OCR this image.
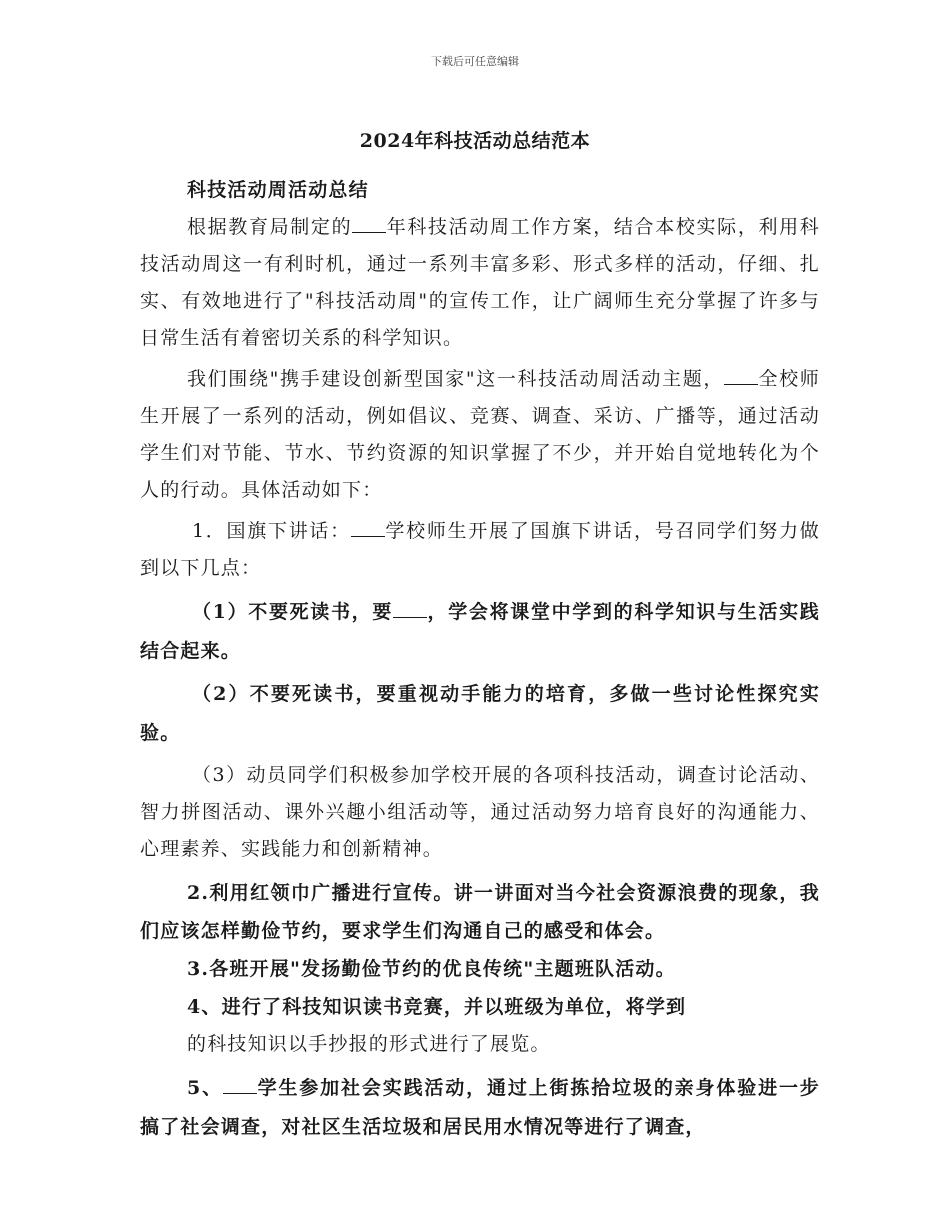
下载后可任意编辑
2024年科技活动总结范本

科技活动周活动总结

根据教育局制定的 年科技活动周工作方案，结合本校实际，利用科技活动周这一有利时机，通过一系列丰富多彩、形式多样的活动，仔细、扎实、有效地进行了"科技活动周"的宣传工作，让广阔师生充分掌握了许多与日常生活有着密切关系的科学知识。

我们围绕"携手建设创新型国家"这一科技活动周活动主题， 全校师生开展了一系列的活动，例如倡议、竞赛、调查、采访、广播等，通过活动学生们对节能、节水、节约资源的知识掌握了不少，并开始自觉地转化为个人的行动。具体活动如下：

1．国旗下讲话： 学校师生开展了国旗下讲话，号召同学们努力做到以下几点：

（1）不要死读书，要 ，学会将课堂中学到的科学知识与生活实践结合起来。

（2）不要死读书，要重视动手能力的培育，多做一些讨论性探究实验。

（3）动员同学们积极参加学校开展的各项科技活动，调查讨论活动、智力拼图活动、课外兴趣小组活动等，通过活动努力培育良好的沟通能力、心理素养、实践能力和创新精神。

2.利用红领巾广播进行宣传。讲一讲面对当今社会资源浪费的现象，我们应该怎样勤俭节约，要求学生们沟通自己的感受和体会。

3.各班开展"发扬勤俭节约的优良传统"主题班队活动。

4、进行了科技知识读书竞赛，并以班级为单位，将学到

的科技知识以手抄报的形式进行了展览。

5、 学生参加社会实践活动，通过上街拣拾垃圾的亲身体验进一步搞了社会调查，对社区生活垃圾和居民用水情况等进行了调查，
